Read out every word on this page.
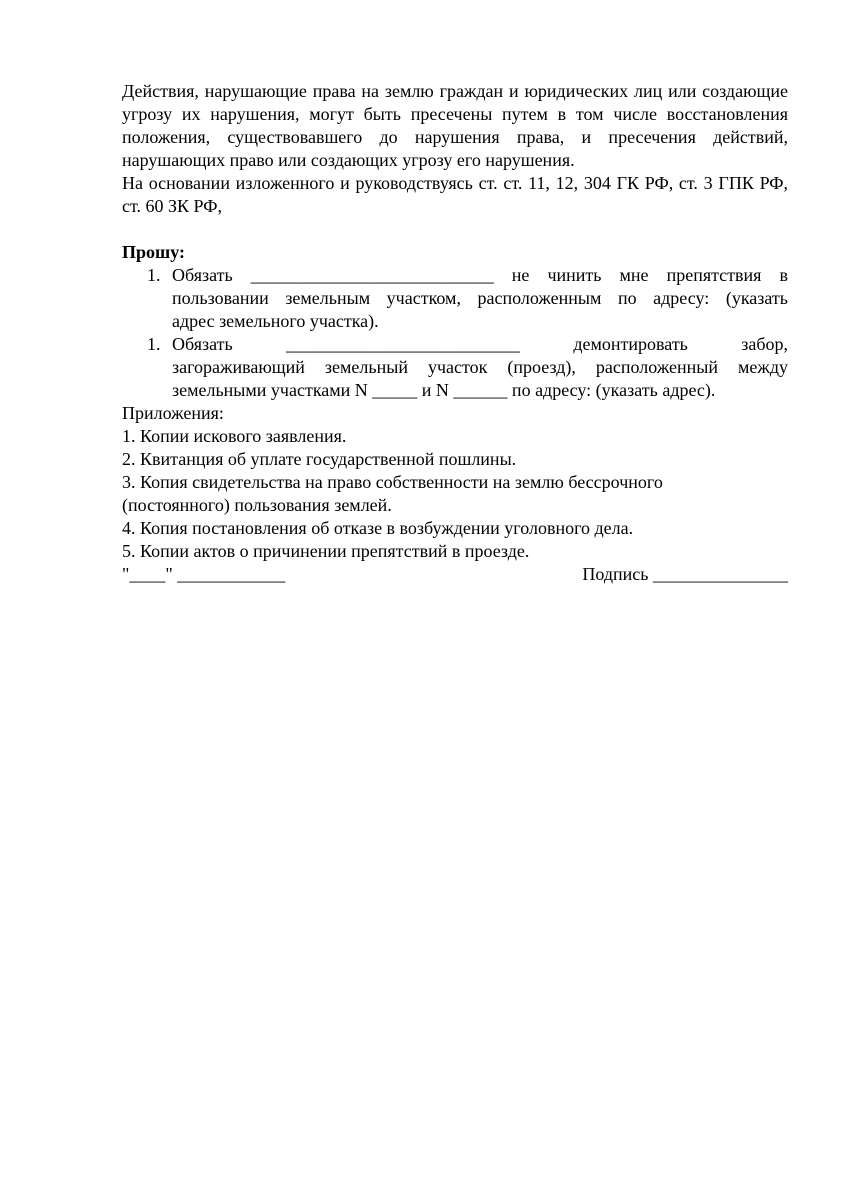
Действия, нарушающие права на землю граждан и юридических лиц или создающие угрозу их нарушения, могут быть пресечены путем в том числе восстановления положения, существовавшего до нарушения права, и пресечения действий, нарушающих право или создающих угрозу его нарушения.

На основании изложенного и руководствуясь ст. ст. 11, 12, 304 ГК РФ, ст. 3 ГПК РФ, ст. 60 ЗК РФ,

Прошу:

1. Обязать ___________________________ не чинить мне препятствия в
пользовании земельным участком, расположенным по адресу: (указать
адрес земельного участка).
1. Обязать __________________________ демонтировать забор,
загораживающий земельный участок (проезд), расположенный между
земельными участками N _____ и N ______ по адресу: (указать адрес).

Приложения:

1. Копии искового заявления.
2. Квитанция об уплате государственной пошлины.
3. Копия свидетельства на право собственности на землю бессрочного
(постоянного) пользования землей.
4. Копия постановления об отказе в возбуждении уголовного дела.
5. Копии актов о причинении препятствий в проезде.
"____" ____________	Подпись _______________
